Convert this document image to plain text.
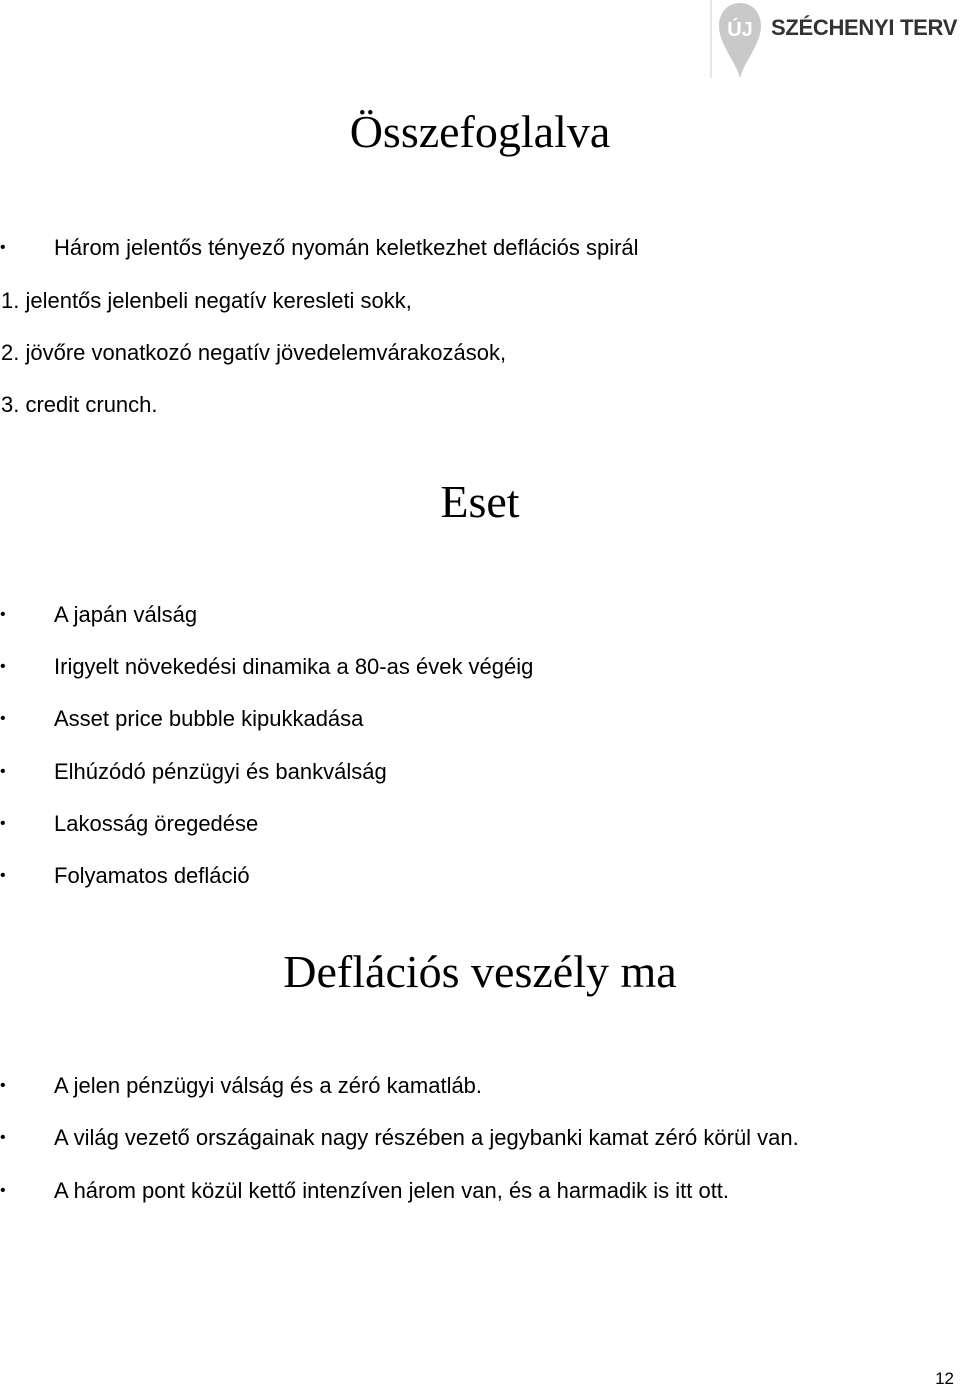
ÚJ SZÉCHENYI TERV
Összefoglalva
• Három jelentős tényező nyomán keletkezhet deflációs spirál
1. jelentős jelenbeli negatív keresleti sokk,
2. jövőre vonatkozó negatív jövedelemvárakozások,
3. credit crunch.
Eset
• A japán válság
• Irigyelt növekedési dinamika a 80-as évek végéig
• Asset price bubble kipukkadása
• Elhúzódó pénzügyi és bankválság
• Lakosság öregedése
• Folyamatos defláció
Deflációs veszély ma
• A jelen pénzügyi válság és a zéró kamatláb.
• A világ vezető országainak nagy részében a jegybanki kamat zéró körül van.
• A három pont közül kettő intenzíven jelen van, és a harmadik is itt ott.
12
